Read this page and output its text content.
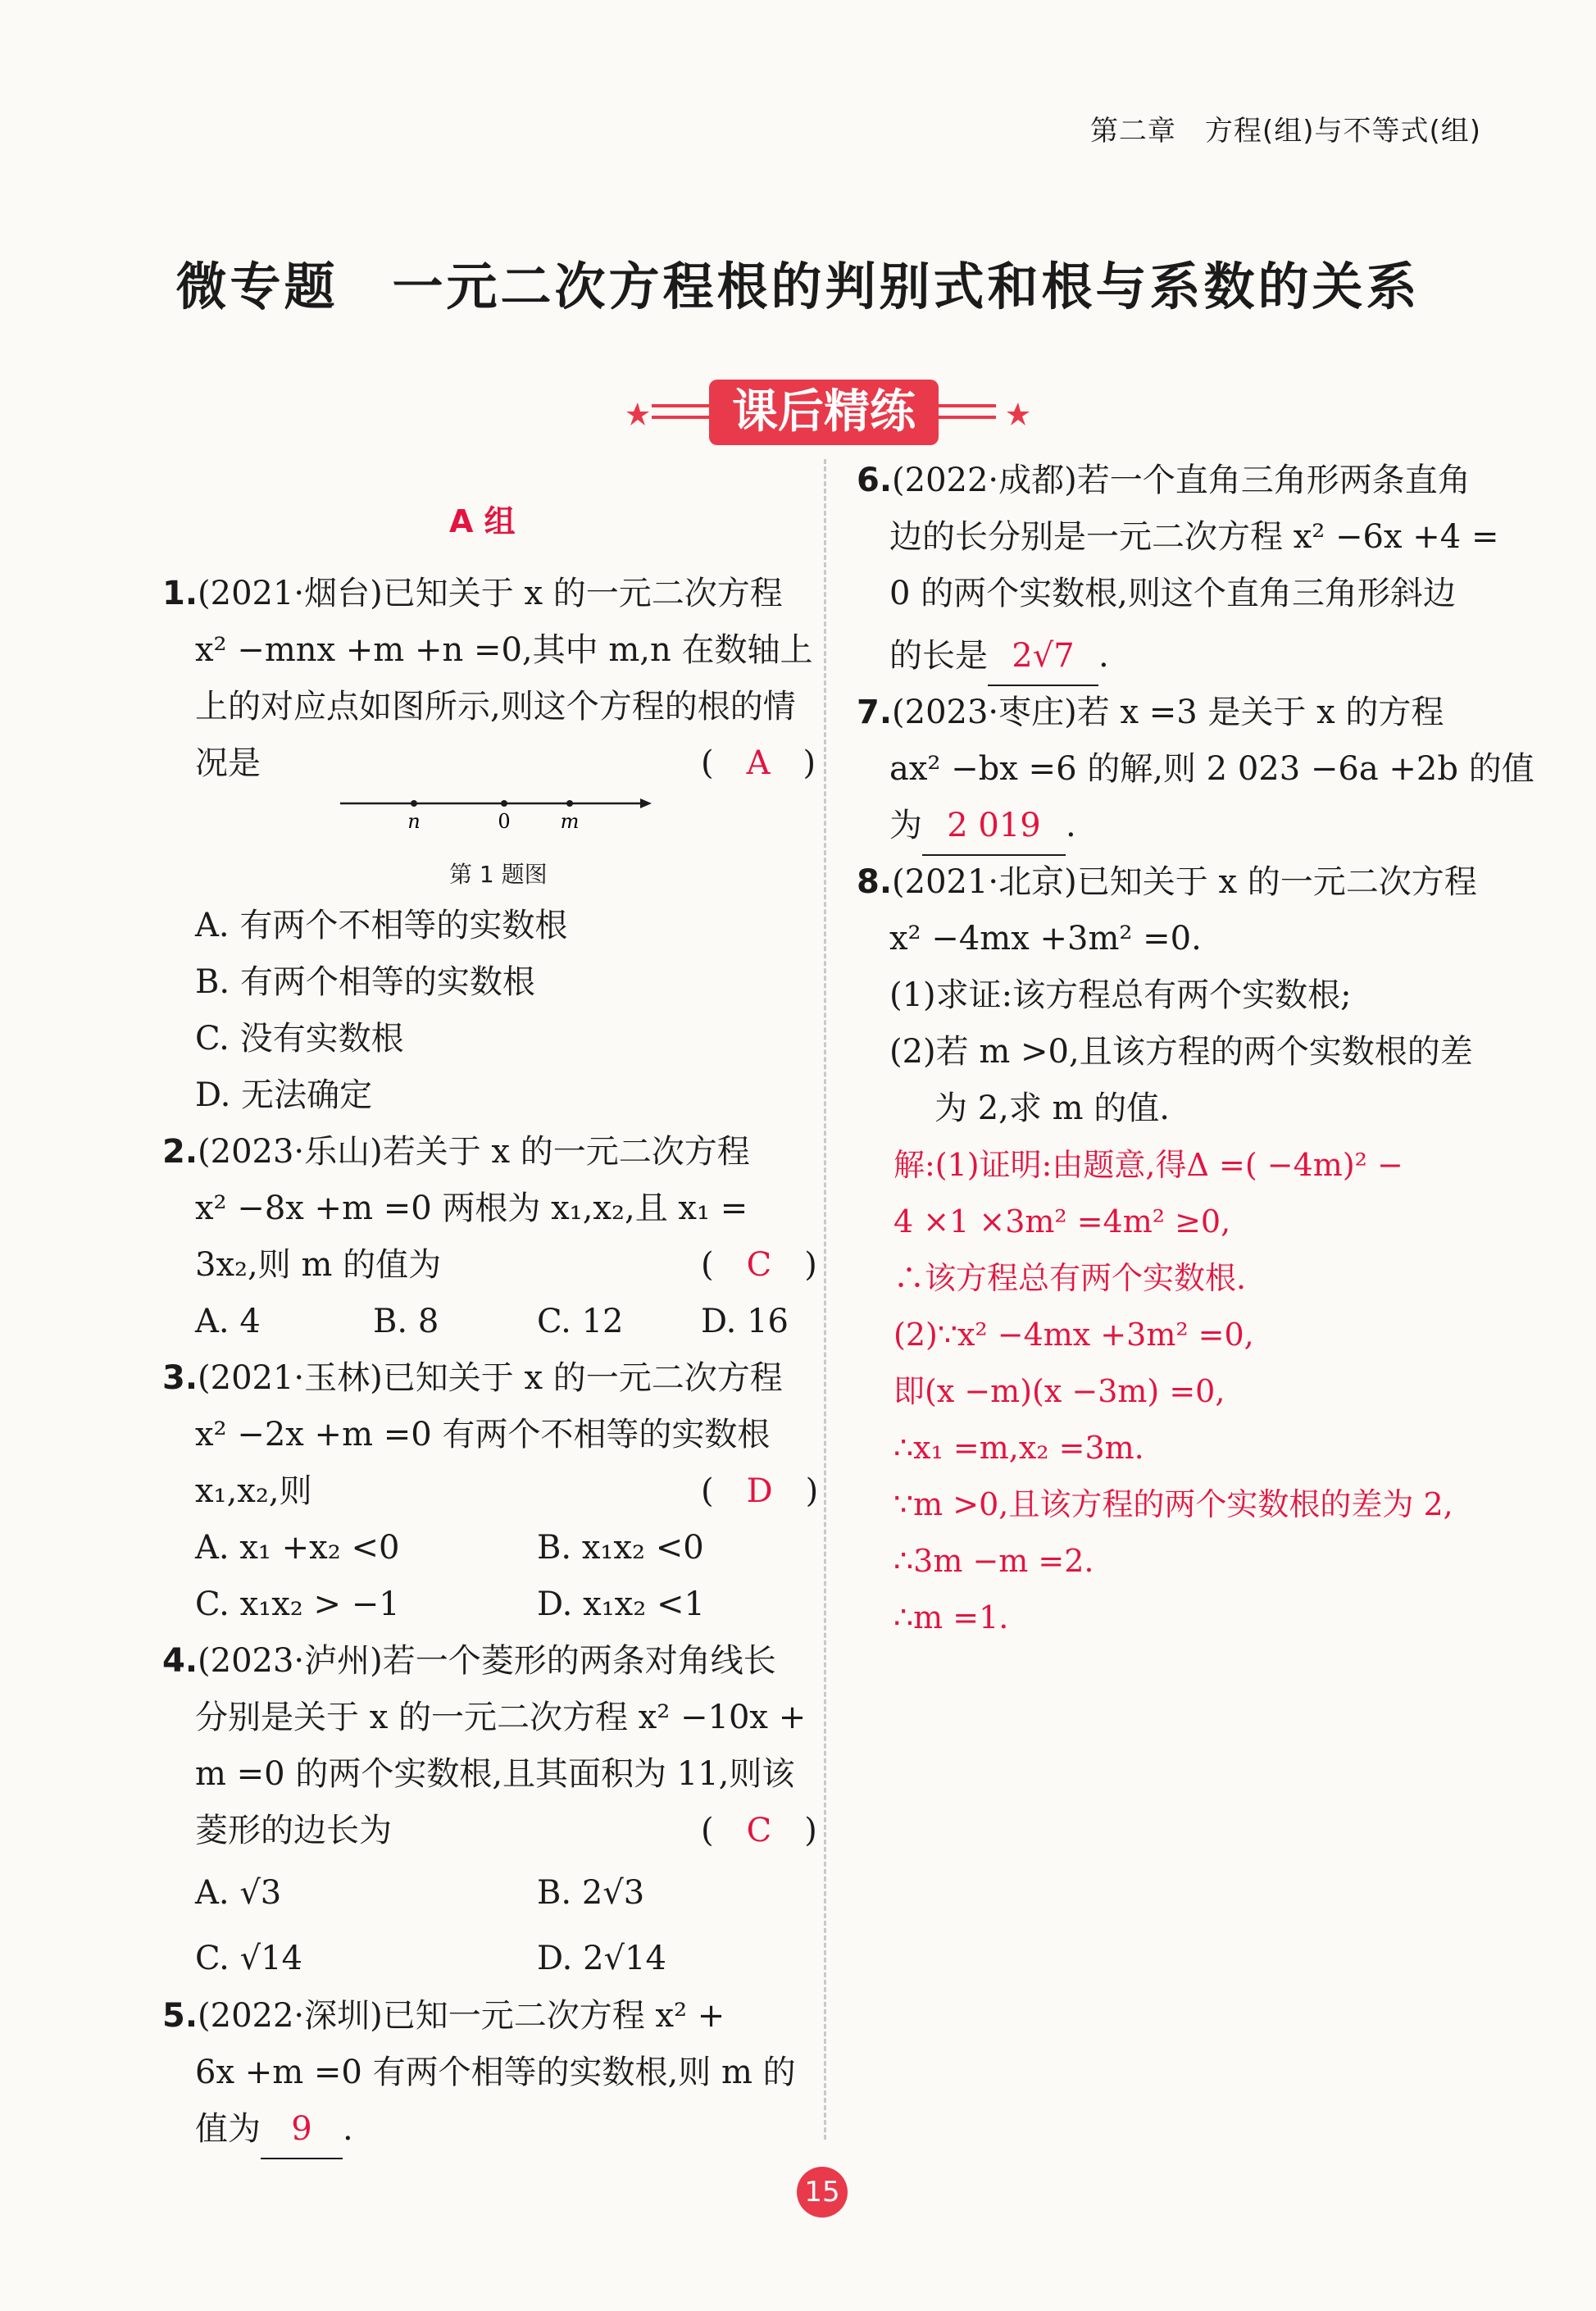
第二章　方程(组)与不等式(组)
微专题　一元二次方程根的判别式和根与系数的关系
课后精练
A 组
1.(2021·烟台)已知关于 x 的一元二次方程
x² −mnx +m +n =0,其中 m,n 在数轴上
上的对应点如图所示,则这个方程的根的情
况是	(　A　)
n	0	m
第 1 题图
A. 有两个不相等的实数根
B. 有两个相等的实数根
C. 没有实数根
D. 无法确定
2.(2023·乐山)若关于 x 的一元二次方程
x² −8x +m =0 两根为 x₁,x₂,且 x₁ =
3x₂,则 m 的值为	(　C　)
A. 4	B. 8	C. 12 D. 16
3.(2021·玉林)已知关于 x 的一元二次方程
x² −2x +m =0 有两个不相等的实数根
x₁,x₂,则	(　D　)
A. x₁ +x₂ <0	B. x₁x₂ <0
C. x₁x₂ > −1	D. x₁x₂ <1
4.(2023·泸州)若一个菱形的两条对角线长
分别是关于 x 的一元二次方程 x² −10x +
m =0 的两个实数根,且其面积为 11,则该
菱形的边长为	(　C　)
A. √3	B. 2√3
C. √14	D. 2√14
5.(2022·深圳)已知一元二次方程 x² +
6x +m =0 有两个相等的实数根,则 m 的
值为 9 .
6.(2022·成都)若一个直角三角形两条直角
边的长分别是一元二次方程 x² −6x +4 =
0 的两个实数根,则这个直角三角形斜边
的长是 2√7 .
7.(2023·枣庄)若 x =3 是关于 x 的方程
ax² −bx =6 的解,则 2 023 −6a +2b 的值
为 2 019 .
8.(2021·北京)已知关于 x 的一元二次方程
x² −4mx +3m² =0.
(1)求证:该方程总有两个实数根;
(2)若 m >0,且该方程的两个实数根的差
为 2,求 m 的值.
解:(1)证明:由题意,得Δ =( −4m)² −
4 ×1 ×3m² =4m² ≥0,
∴该方程总有两个实数根.
(2)∵x² −4mx +3m² =0,
即(x −m)(x −3m) =0,
∴x₁ =m,x₂ =3m.
∵m >0,且该方程的两个实数根的差为 2,
∴3m −m =2.
∴m =1.
15
